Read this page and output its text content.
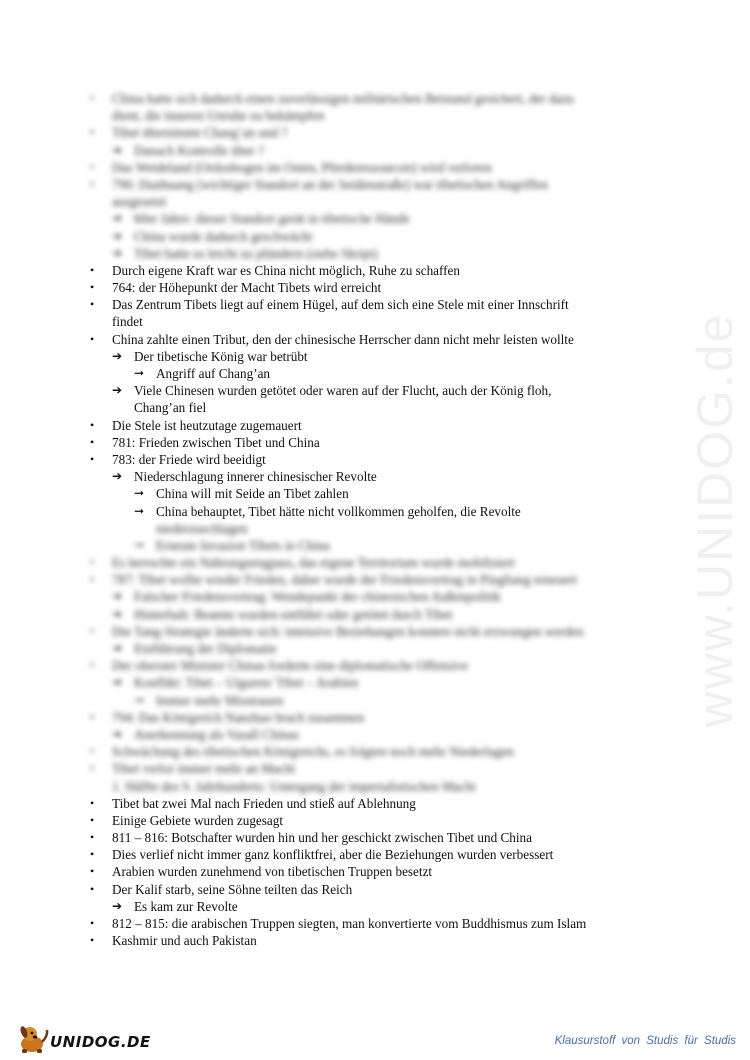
www.UNIDOG.de
• China hatte sich dadurch einen zuverlässigen militärischen Beistand gesichert, der dazu
dient, die inneren Unruhe zu bekämpfen
• Tibet übernimmt Chang’an und ?
➔ Danach Kontrolle über ?
• Das Weideland (Ordosbogen im Osten, Pferderessourcen) wird verloren
• 790: Dunhuang (wichtiger Standort an der Seidenstraße) war tibetischen Angriffen
ausgesetzt
➔ 60er Jahre: dieser Standort gerät in tibetische Hände
➔ China wurde dadurch geschwächt
➔ Tibet hatte es leicht zu plündern (siehe Skript)
• Durch eigene Kraft war es China nicht möglich, Ruhe zu schaffen
• 764: der Höhepunkt der Macht Tibets wird erreicht
• Das Zentrum Tibets liegt auf einem Hügel, auf dem sich eine Stele mit einer Innschrift
findet
• China zahlte einen Tribut, den der chinesische Herrscher dann nicht mehr leisten wollte
➔ Der tibetische König war betrübt
➞ Angriff auf Chang’an
➔ Viele Chinesen wurden getötet oder waren auf der Flucht, auch der König floh,
Chang’an fiel
• Die Stele ist heutzutage zugemauert
• 781: Frieden zwischen Tibet und China
• 783: der Friede wird beeidigt
➔ Niederschlagung innerer chinesischer Revolte
➞ China will mit Seide an Tibet zahlen
➞ China behauptet, Tibet hätte nicht vollkommen geholfen, die Revolte
niederzuschlagen
➞ Erneute Invasion Tibets in China
• Es herrschte ein Nahrungsengpass, das eigene Territorium wurde mobilisiert
• 787: Tibet wollte wieder Frieden, daher wurde der Friedensvertrag in Pingliang erneuert
➔ Falscher Friedensvertrag: Wendepunkt der chinesischen Außenpolitik
➔ Hinterhalt: Beamte wurden entführt oder getötet durch Tibet
• Die Tang-Strategie änderte sich: intensive Beziehungen konnten nicht erzwungen werden
➔ Einführung der Diplomatie
• Der oberster Minister Chinas forderte eine diplomatische Offensive
➔ Konflikt: Tibet – Uiguren/ Tibet – Arabien
➞ Immer mehr Misstrauen
• 794: Das Königreich Nanzhao brach zusammen
➔ Anerkennung als Vasall Chinas
• Schwächung des tibetischen Königreichs, es folgten noch mehr Niederlagen
• Tibet verlor immer mehr an Macht
1. Hälfte des 9. Jahrhunderts: Untergang der imperialistischen Macht
• Tibet bat zwei Mal nach Frieden und stieß auf Ablehnung
• Einige Gebiete wurden zugesagt
• 811 – 816: Botschafter wurden hin und her geschickt zwischen Tibet und China
• Dies verlief nicht immer ganz konfliktfrei, aber die Beziehungen wurden verbessert
• Arabien wurden zunehmend von tibetischen Truppen besetzt
• Der Kalif starb, seine Söhne teilten das Reich
➔ Es kam zur Revolte
• 812 – 815: die arabischen Truppen siegten, man konvertierte vom Buddhismus zum Islam
• Kashmir und auch Pakistan
UNIDOG.DE	Klausurstoff von Studis für Studis
